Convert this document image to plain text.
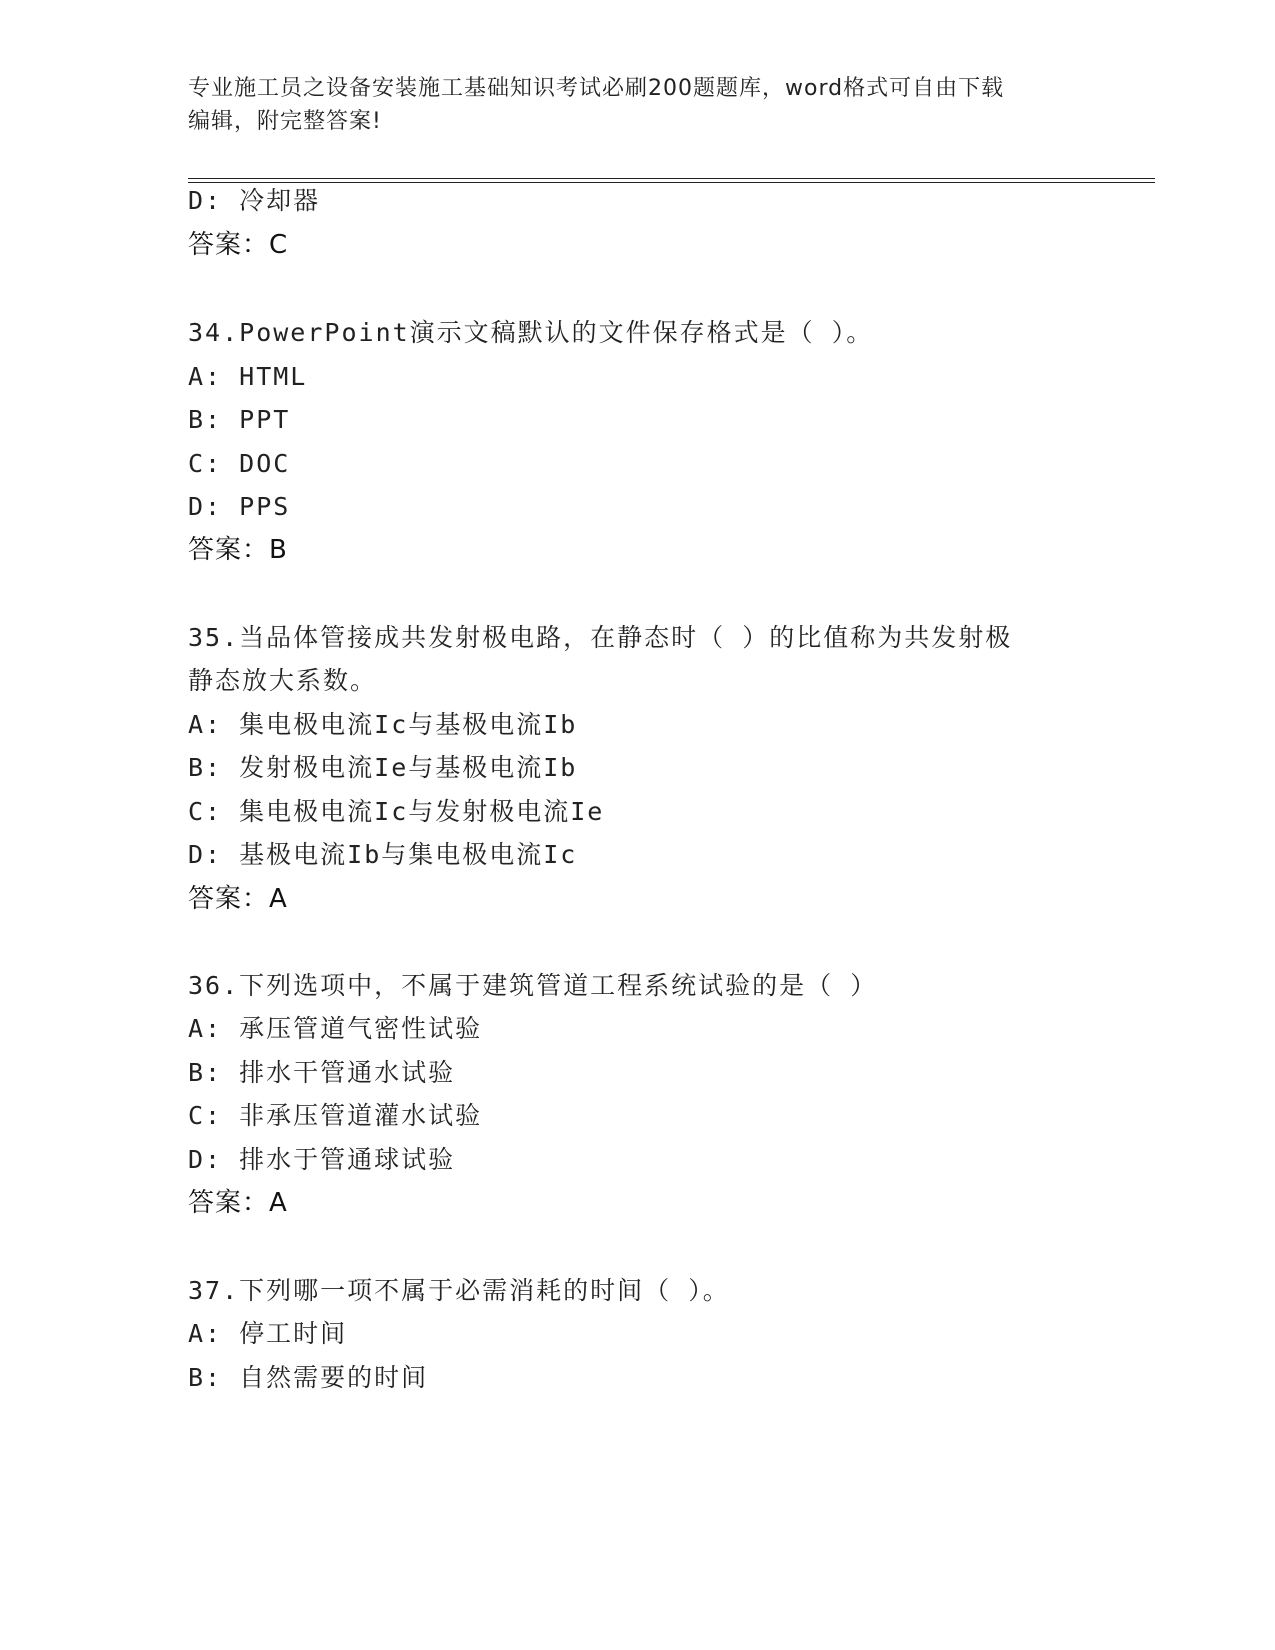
专业施工员之设备安装施工基础知识考试必刷200题题库，word格式可自由下载
编辑，附完整答案!
D: 冷却器
答案：C
34.PowerPoint演示文稿默认的文件保存格式是（ ）。
A: HTML
B: PPT
C: DOC
D: PPS
答案：B
35.当品体管接成共发射极电路，在静态时（ ）的比值称为共发射极
静态放大系数。
A: 集电极电流Ic与基极电流Ib
B: 发射极电流Ie与基极电流Ib
C: 集电极电流Ic与发射极电流Ie
D: 基极电流Ib与集电极电流Ic
答案：A
36.下列选项中，不属于建筑管道工程系统试验的是（ ）
A: 承压管道气密性试验
B: 排水干管通水试验
C: 非承压管道灌水试验
D: 排水于管通球试验
答案：A
37.下列哪一项不属于必需消耗的时间（ ）。
A: 停工时间
B: 自然需要的时间
